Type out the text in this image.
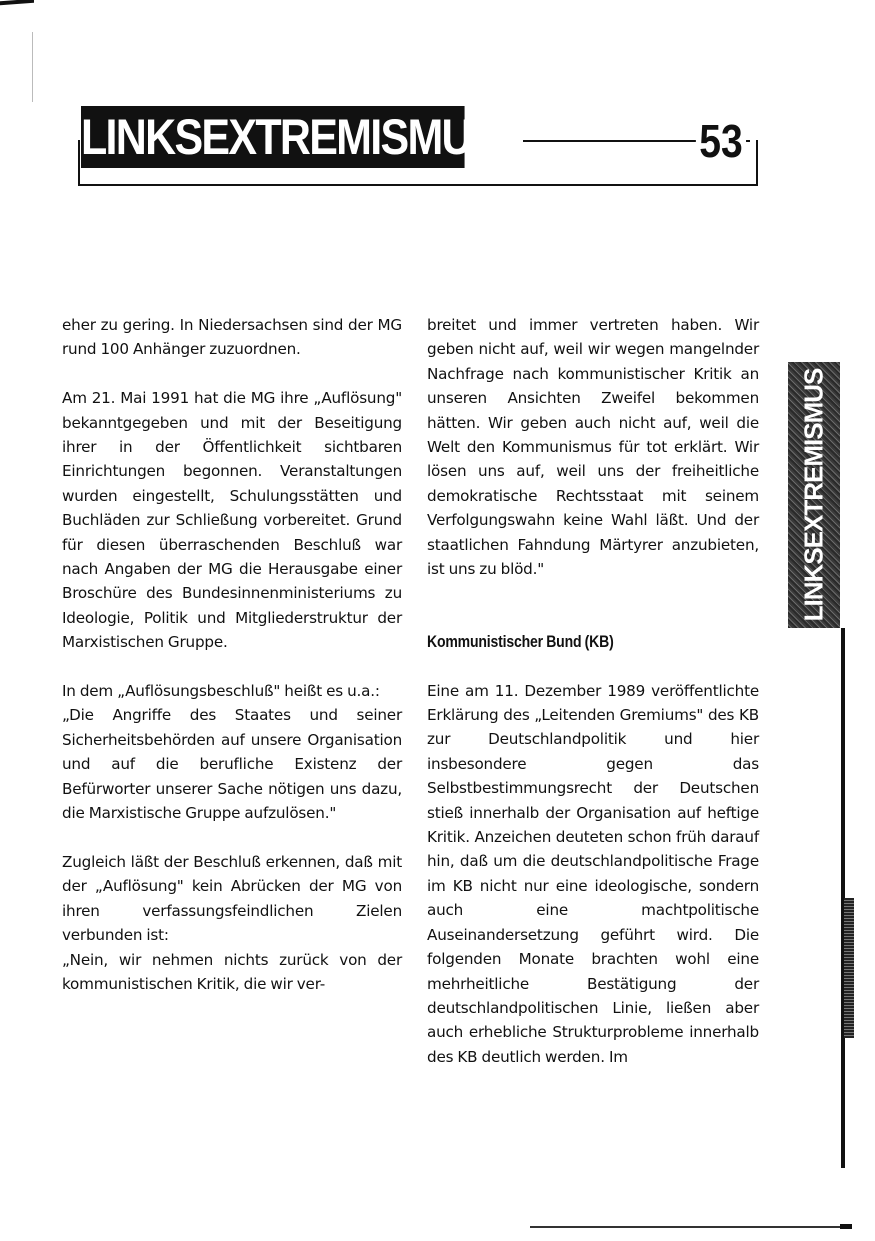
LINKSEXTREMISMUS	53

eher zu gering. In Niedersachsen sind der MG rund 100 Anhänger zuzuordnen.

Am 21. Mai 1991 hat die MG ihre „Auflösung" bekanntgegeben und mit der Beseitigung ihrer in der Öffentlichkeit sichtbaren Einrichtungen begonnen. Veranstaltungen wurden eingestellt, Schulungsstätten und Buchläden zur Schließung vorbereitet. Grund für diesen überraschenden Beschluß war nach Angaben der MG die Herausgabe einer Broschüre des Bundesinnenministeriums zu Ideologie, Politik und Mitgliederstruktur der Marxistischen Gruppe.

In dem „Auflösungsbeschluß" heißt es u.a.:

„Die Angriffe des Staates und seiner Sicherheitsbehörden auf unsere Organisation und auf die berufliche Existenz der Befürworter unserer Sache nötigen uns dazu, die Marxistische Gruppe aufzulösen."

Zugleich läßt der Beschluß erkennen, daß mit der „Auflösung" kein Abrücken der MG von ihren verfassungsfeindlichen Zielen verbunden ist:

„Nein, wir nehmen nichts zurück von der kommunistischen Kritik, die wir ver-

breitet und immer vertreten haben. Wir geben nicht auf, weil wir wegen mangelnder Nachfrage nach kommunistischer Kritik an unseren Ansichten Zweifel bekommen hätten. Wir geben auch nicht auf, weil die Welt den Kommunismus für tot erklärt. Wir lösen uns auf, weil uns der freiheitliche demokratische Rechtsstaat mit seinem Verfolgungswahn keine Wahl läßt. Und der staatlichen Fahndung Märtyrer anzubieten, ist uns zu blöd."

Kommunistischer Bund (KB)

Eine am 11. Dezember 1989 veröffentlichte Erklärung des „Leitenden Gremiums" des KB zur Deutschlandpolitik und hier insbesondere gegen das Selbstbestimmungsrecht der Deutschen stieß innerhalb der Organisation auf heftige Kritik. Anzeichen deuteten schon früh darauf hin, daß um die deutschlandpolitische Frage im KB nicht nur eine ideologische, sondern auch eine machtpolitische Auseinandersetzung geführt wird. Die folgenden Monate brachten wohl eine mehrheitliche Bestätigung der deutschlandpolitischen Linie, ließen aber auch erhebliche Strukturprobleme innerhalb des KB deutlich werden. Im

LINKSEXTREMISMUS
